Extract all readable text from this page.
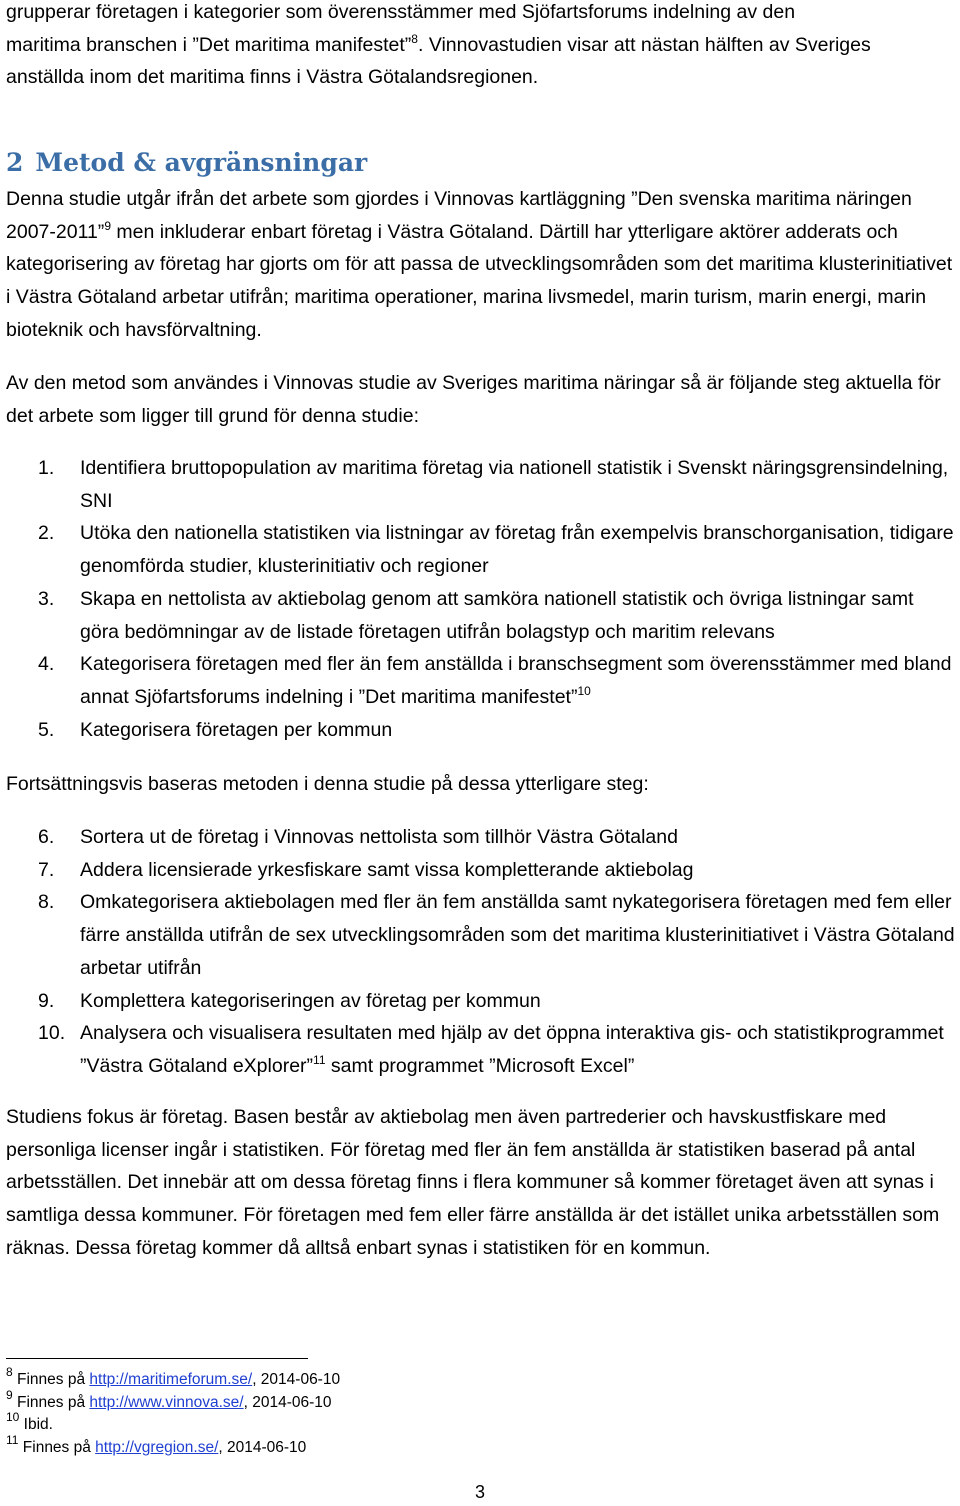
grupperar företagen i kategorier som överensstämmer med Sjöfartsforums indelning av den
maritima branschen i ”Det maritima manifestet”$^8$. Vinnovastudien visar att nästan hälften av Sveriges
anställda inom det maritima finns i Västra Götalandsregionen.
2 Metod & avgränsningar

Denna studie utgår ifrån det arbete som gjordes i Vinnovas kartläggning ”Den svenska maritima näringen 2007-2011”$^9$ men inkluderar enbart företag i Västra Götaland. Därtill har ytterligare aktörer adderats och kategorisering av företag har gjorts om för att passa de utvecklingsområden som det maritima klusterinitiativet i Västra Götaland arbetar utifrån; maritima operationer, marina livsmedel, marin turism, marin energi, marin bioteknik och havsförvaltning.

Av den metod som användes i Vinnovas studie av Sveriges maritima näringar så är följande steg aktuella för det arbete som ligger till grund för denna studie:

1. Identifiera bruttopopulation av maritima företag via nationell statistik i Svenskt näringsgrensindelning, SNI
2. Utöka den nationella statistiken via listningar av företag från exempelvis branschorganisation, tidigare genomförda studier, klusterinitiativ och regioner
3. Skapa en nettolista av aktiebolag genom att samköra nationell statistik och övriga listningar samt göra bedömningar av de listade företagen utifrån bolagstyp och maritim relevans
4. Kategorisera företagen med fler än fem anställda i branschsegment som överensstämmer med bland annat Sjöfartsforums indelning i ”Det maritima manifestet”$^{10}$
5. Kategorisera företagen per kommun

Fortsättningsvis baseras metoden i denna studie på dessa ytterligare steg:

6. Sortera ut de företag i Vinnovas nettolista som tillhör Västra Götaland
7. Addera licensierade yrkesfiskare samt vissa kompletterande aktiebolag
8. Omkategorisera aktiebolagen med fler än fem anställda samt nykategorisera företagen med fem eller färre anställda utifrån de sex utvecklingsområden som det maritima klusterinitiativet i Västra Götaland arbetar utifrån
9. Komplettera kategoriseringen av företag per kommun
10. Analysera och visualisera resultaten med hjälp av det öppna interaktiva gis- och statistikprogrammet ”Västra Götaland eXplorer”$^{11}$ samt programmet ”Microsoft Excel”

Studiens fokus är företag. Basen består av aktiebolag men även partrederier och havskustfiskare med personliga licenser ingår i statistiken. För företag med fler än fem anställda är statistiken baserad på antal arbetsställen. Det innebär att om dessa företag finns i flera kommuner så kommer företaget även att synas i samtliga dessa kommuner. För företagen med fem eller färre anställda är det istället unika arbetsställen som räknas. Dessa företag kommer då alltså enbart synas i statistiken för en kommun.

$^8$ Finnes på http://maritimeforum.se/, 2014-06-10
$^9$ Finnes på http://www.vinnova.se/, 2014-06-10
$^{10}$ Ibid.
$^{11}$ Finnes på http://vgregion.se/, 2014-06-10
3
